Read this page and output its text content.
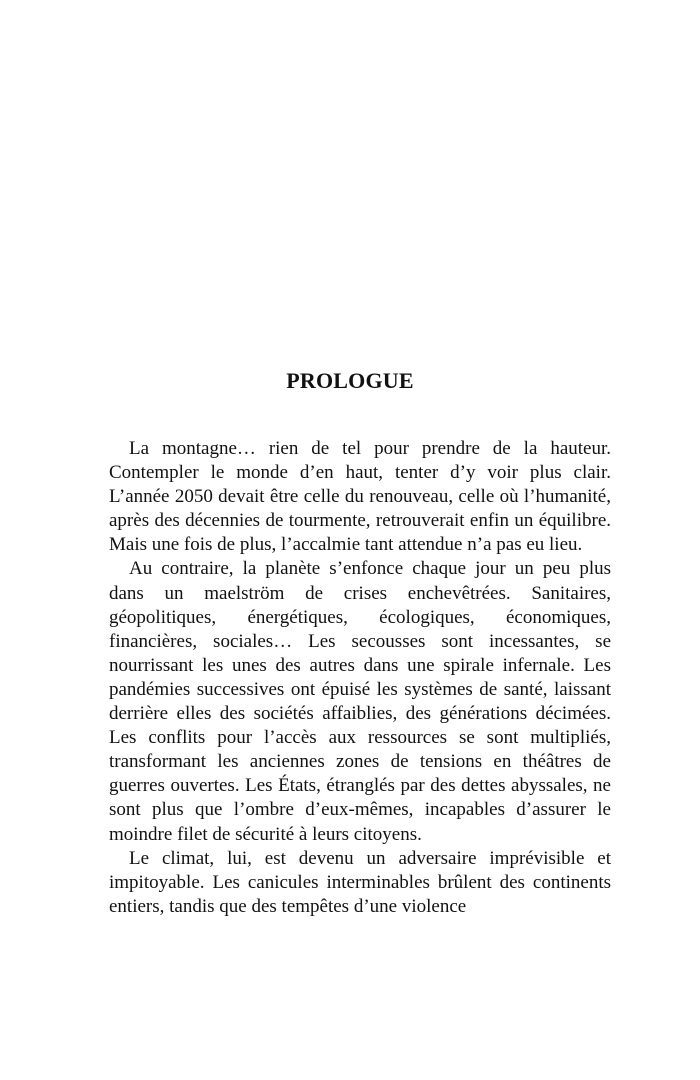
PROLOGUE

La montagne… rien de tel pour prendre de la hauteur. Contempler le monde d’en haut, tenter d’y voir plus clair. L’année 2050 devait être celle du renouveau, celle où l’humanité, après des décennies de tourmente, retrouverait enfin un équilibre. Mais une fois de plus, l’accalmie tant attendue n’a pas eu lieu.

Au contraire, la planète s’enfonce chaque jour un peu plus dans un maelström de crises enchevêtrées. Sanitaires, géopolitiques, énergétiques, écologiques, économiques, financières, sociales… Les secousses sont incessantes, se nourrissant les unes des autres dans une spirale infernale. Les pandémies successives ont épuisé les systèmes de santé, laissant derrière elles des sociétés affaiblies, des générations décimées. Les conflits pour l’accès aux ressources se sont multipliés, transformant les anciennes zones de tensions en théâtres de guerres ouvertes. Les États, étranglés par des dettes abyssales, ne sont plus que l’ombre d’eux-mêmes, incapables d’assurer le moindre filet de sécurité à leurs citoyens.

Le climat, lui, est devenu un adversaire imprévisible et impitoyable. Les canicules interminables brûlent des continents entiers, tandis que des tempêtes d’une violence
